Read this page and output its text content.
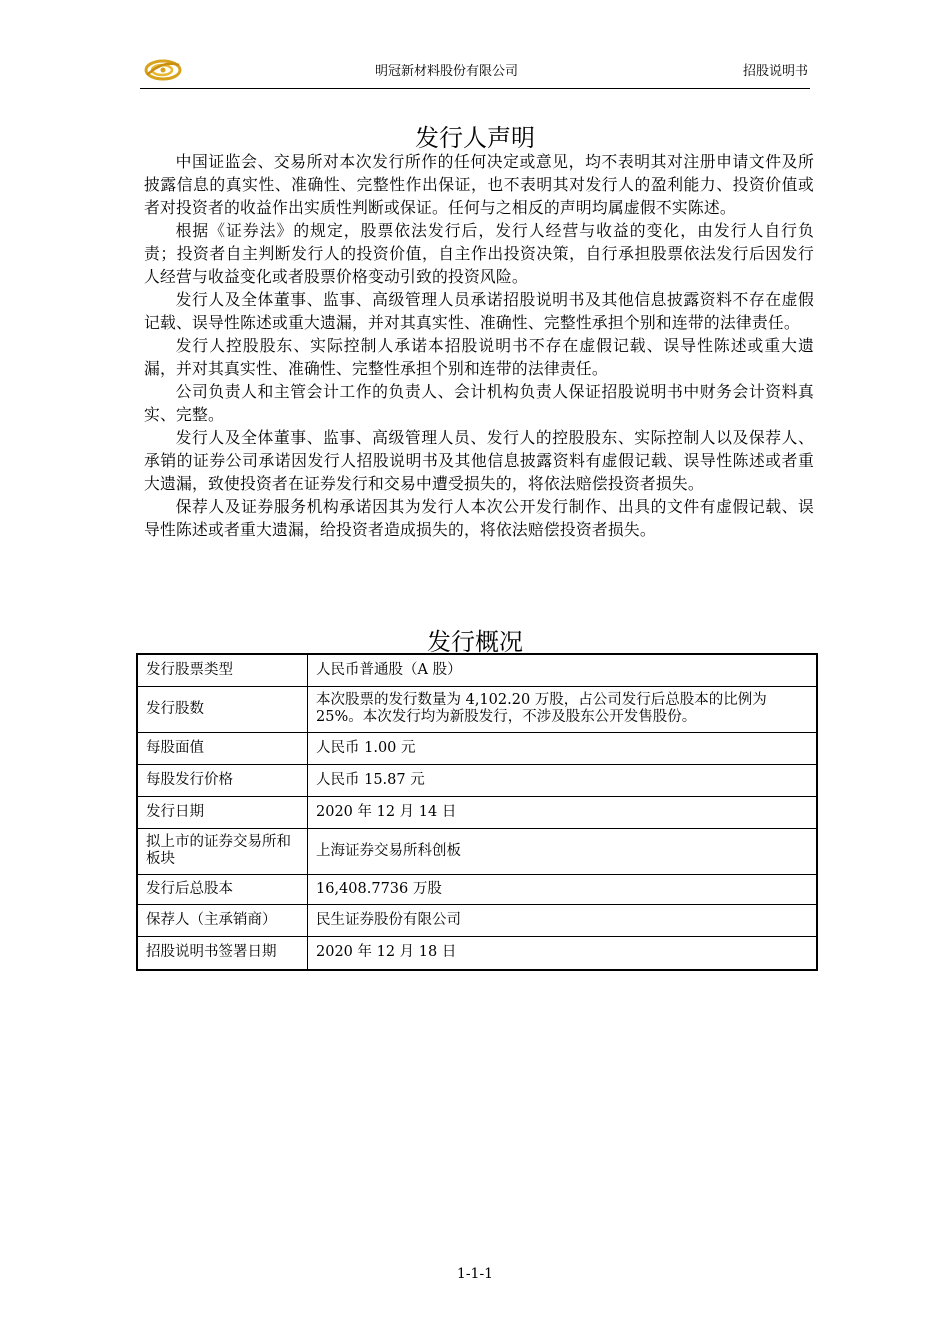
明冠新材料股份有限公司	招股说明书
发行人声明

中国证监会、交易所对本次发行所作的任何决定或意见，均不表明其对注册申请文件及所披露信息的真实性、准确性、完整性作出保证，也不表明其对发行人的盈利能力、投资价值或者对投资者的收益作出实质性判断或保证。任何与之相反的声明均属虚假不实陈述。

根据《证券法》的规定，股票依法发行后，发行人经营与收益的变化，由发行人自行负责；投资者自主判断发行人的投资价值，自主作出投资决策，自行承担股票依法发行后因发行人经营与收益变化或者股票价格变动引致的投资风险。

发行人及全体董事、监事、高级管理人员承诺招股说明书及其他信息披露资料不存在虚假记载、误导性陈述或重大遗漏，并对其真实性、准确性、完整性承担个别和连带的法律责任。

发行人控股股东、实际控制人承诺本招股说明书不存在虚假记载、误导性陈述或重大遗漏，并对其真实性、准确性、完整性承担个别和连带的法律责任。

公司负责人和主管会计工作的负责人、会计机构负责人保证招股说明书中财务会计资料真实、完整。

发行人及全体董事、监事、高级管理人员、发行人的控股股东、实际控制人以及保荐人、承销的证券公司承诺因发行人招股说明书及其他信息披露资料有虚假记载、误导性陈述或者重大遗漏，致使投资者在证券发行和交易中遭受损失的，将依法赔偿投资者损失。

保荐人及证券服务机构承诺因其为发行人本次公开发行制作、出具的文件有虚假记载、误导性陈述或者重大遗漏，给投资者造成损失的，将依法赔偿投资者损失。

发行概况
发行股票类型	人民币普通股（A 股）
发行股数	本次股票的发行数量为 4,102.20 万股，占公司发行后总股本的比例为 25%。本次发行均为新股发行，不涉及股东公开发售股份。
每股面值	人民币 1.00 元
每股发行价格	人民币 15.87 元
发行日期	2020 年 12 月 14 日
拟上市的证券交易所和板块	上海证券交易所科创板
发行后总股本	16,408.7736 万股
保荐人（主承销商）	民生证券股份有限公司
招股说明书签署日期	2020 年 12 月 18 日
1-1-1
